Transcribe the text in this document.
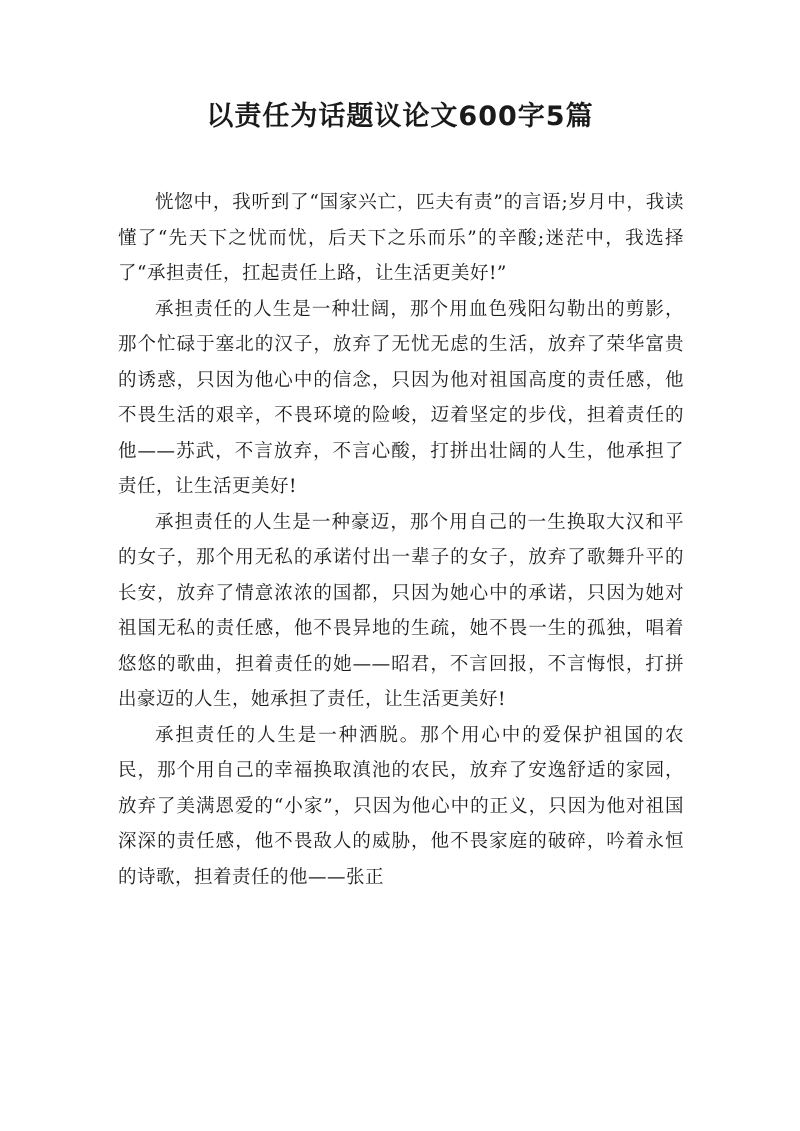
以责任为话题议论文600字5篇

恍惚中，我听到了“国家兴亡，匹夫有责”的言语;岁月中，我读懂了“先天下之忧而忧，后天下之乐而乐”的辛酸;迷茫中，我选择了“承担责任，扛起责任上路，让生活更美好!”

承担责任的人生是一种壮阔，那个用血色残阳勾勒出的剪影，那个忙碌于塞北的汉子，放弃了无忧无虑的生活，放弃了荣华富贵的诱惑，只因为他心中的信念，只因为他对祖国高度的责任感，他不畏生活的艰辛，不畏环境的险峻，迈着坚定的步伐，担着责任的他——苏武，不言放弃，不言心酸，打拼出壮阔的人生，他承担了责任，让生活更美好!

承担责任的人生是一种豪迈，那个用自己的一生换取大汉和平的女子，那个用无私的承诺付出一辈子的女子，放弃了歌舞升平的长安，放弃了情意浓浓的国都，只因为她心中的承诺，只因为她对祖国无私的责任感，他不畏异地的生疏，她不畏一生的孤独，唱着悠悠的歌曲，担着责任的她——昭君，不言回报，不言悔恨，打拼出豪迈的人生，她承担了责任，让生活更美好!

承担责任的人生是一种洒脱。那个用心中的爱保护祖国的农民，那个用自己的幸福换取滇池的农民，放弃了安逸舒适的家园，放弃了美满恩爱的“小家”，只因为他心中的正义，只因为他对祖国深深的责任感，他不畏敌人的威胁，他不畏家庭的破碎，吟着永恒的诗歌，担着责任的他——张正
